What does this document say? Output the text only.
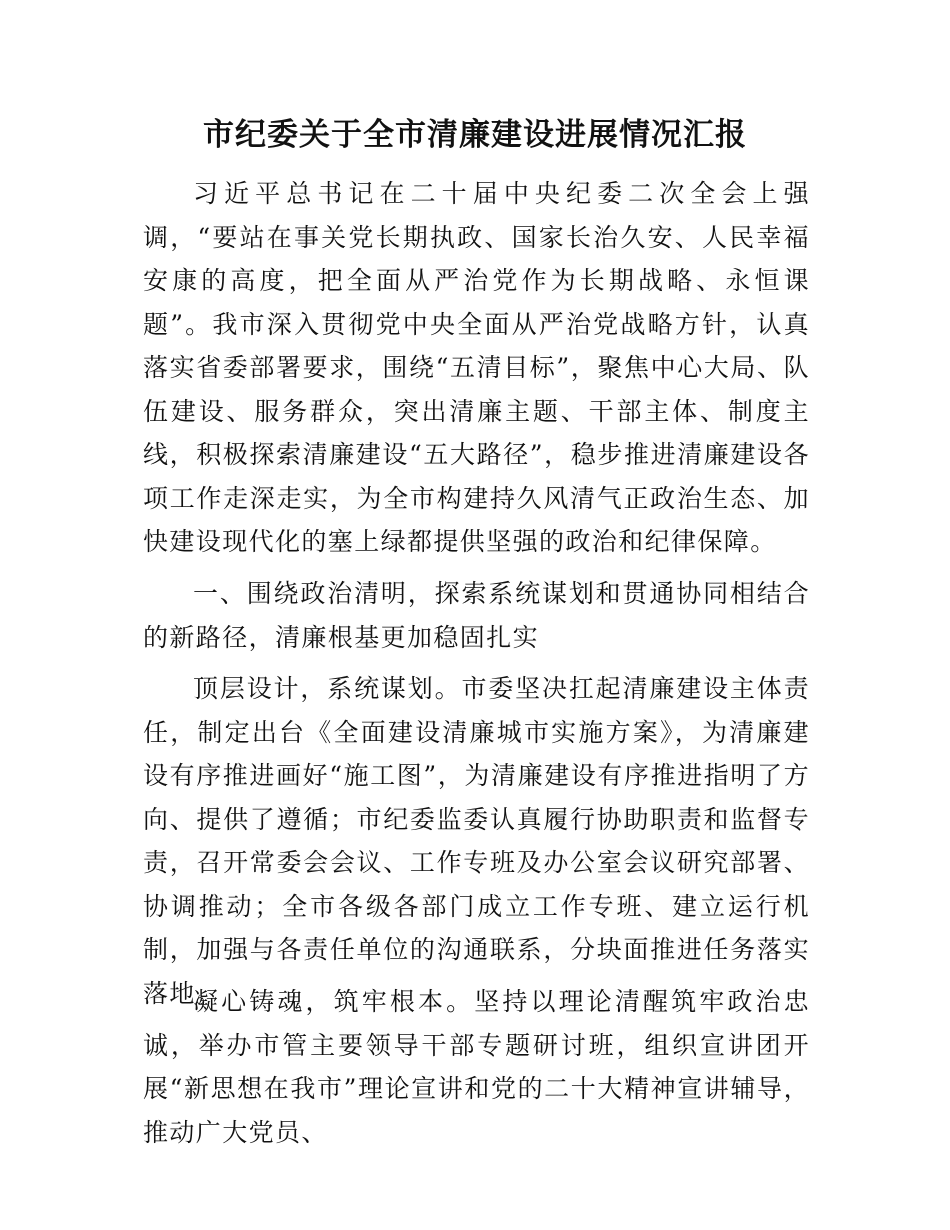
市纪委关于全市清廉建设进展情况汇报

习近平总书记在二十届中央纪委二次全会上强调，“要站在事关党长期执政、国家长治久安、人民幸福安康的高度，把全面从严治党作为长期战略、永恒课题”。我市深入贯彻党中央全面从严治党战略方针，认真落实省委部署要求，围绕“五清目标”，聚焦中心大局、队伍建设、服务群众，突出清廉主题、干部主体、制度主线，积极探索清廉建设“五大路径”，稳步推进清廉建设各项工作走深走实，为全市构建持久风清气正政治生态、加快建设现代化的塞上绿都提供坚强的政治和纪律保障。

一、围绕政治清明，探索系统谋划和贯通协同相结合的新路径，清廉根基更加稳固扎实

顶层设计，系统谋划。市委坚决扛起清廉建设主体责任，制定出台《全面建设清廉城市实施方案》，为清廉建设有序推进画好“施工图”，为清廉建设有序推进指明了方向、提供了遵循；市纪委监委认真履行协助职责和监督专责，召开常委会会议、工作专班及办公室会议研究部署、协调推动；全市各级各部门成立工作专班、建立运行机制，加强与各责任单位的沟通联系，分块面推进任务落实落地。

凝心铸魂，筑牢根本。坚持以理论清醒筑牢政治忠诚，举办市管主要领导干部专题研讨班，组织宣讲团开展“新思想在我市”理论宣讲和党的二十大精神宣讲辅导，推动广大党员、
